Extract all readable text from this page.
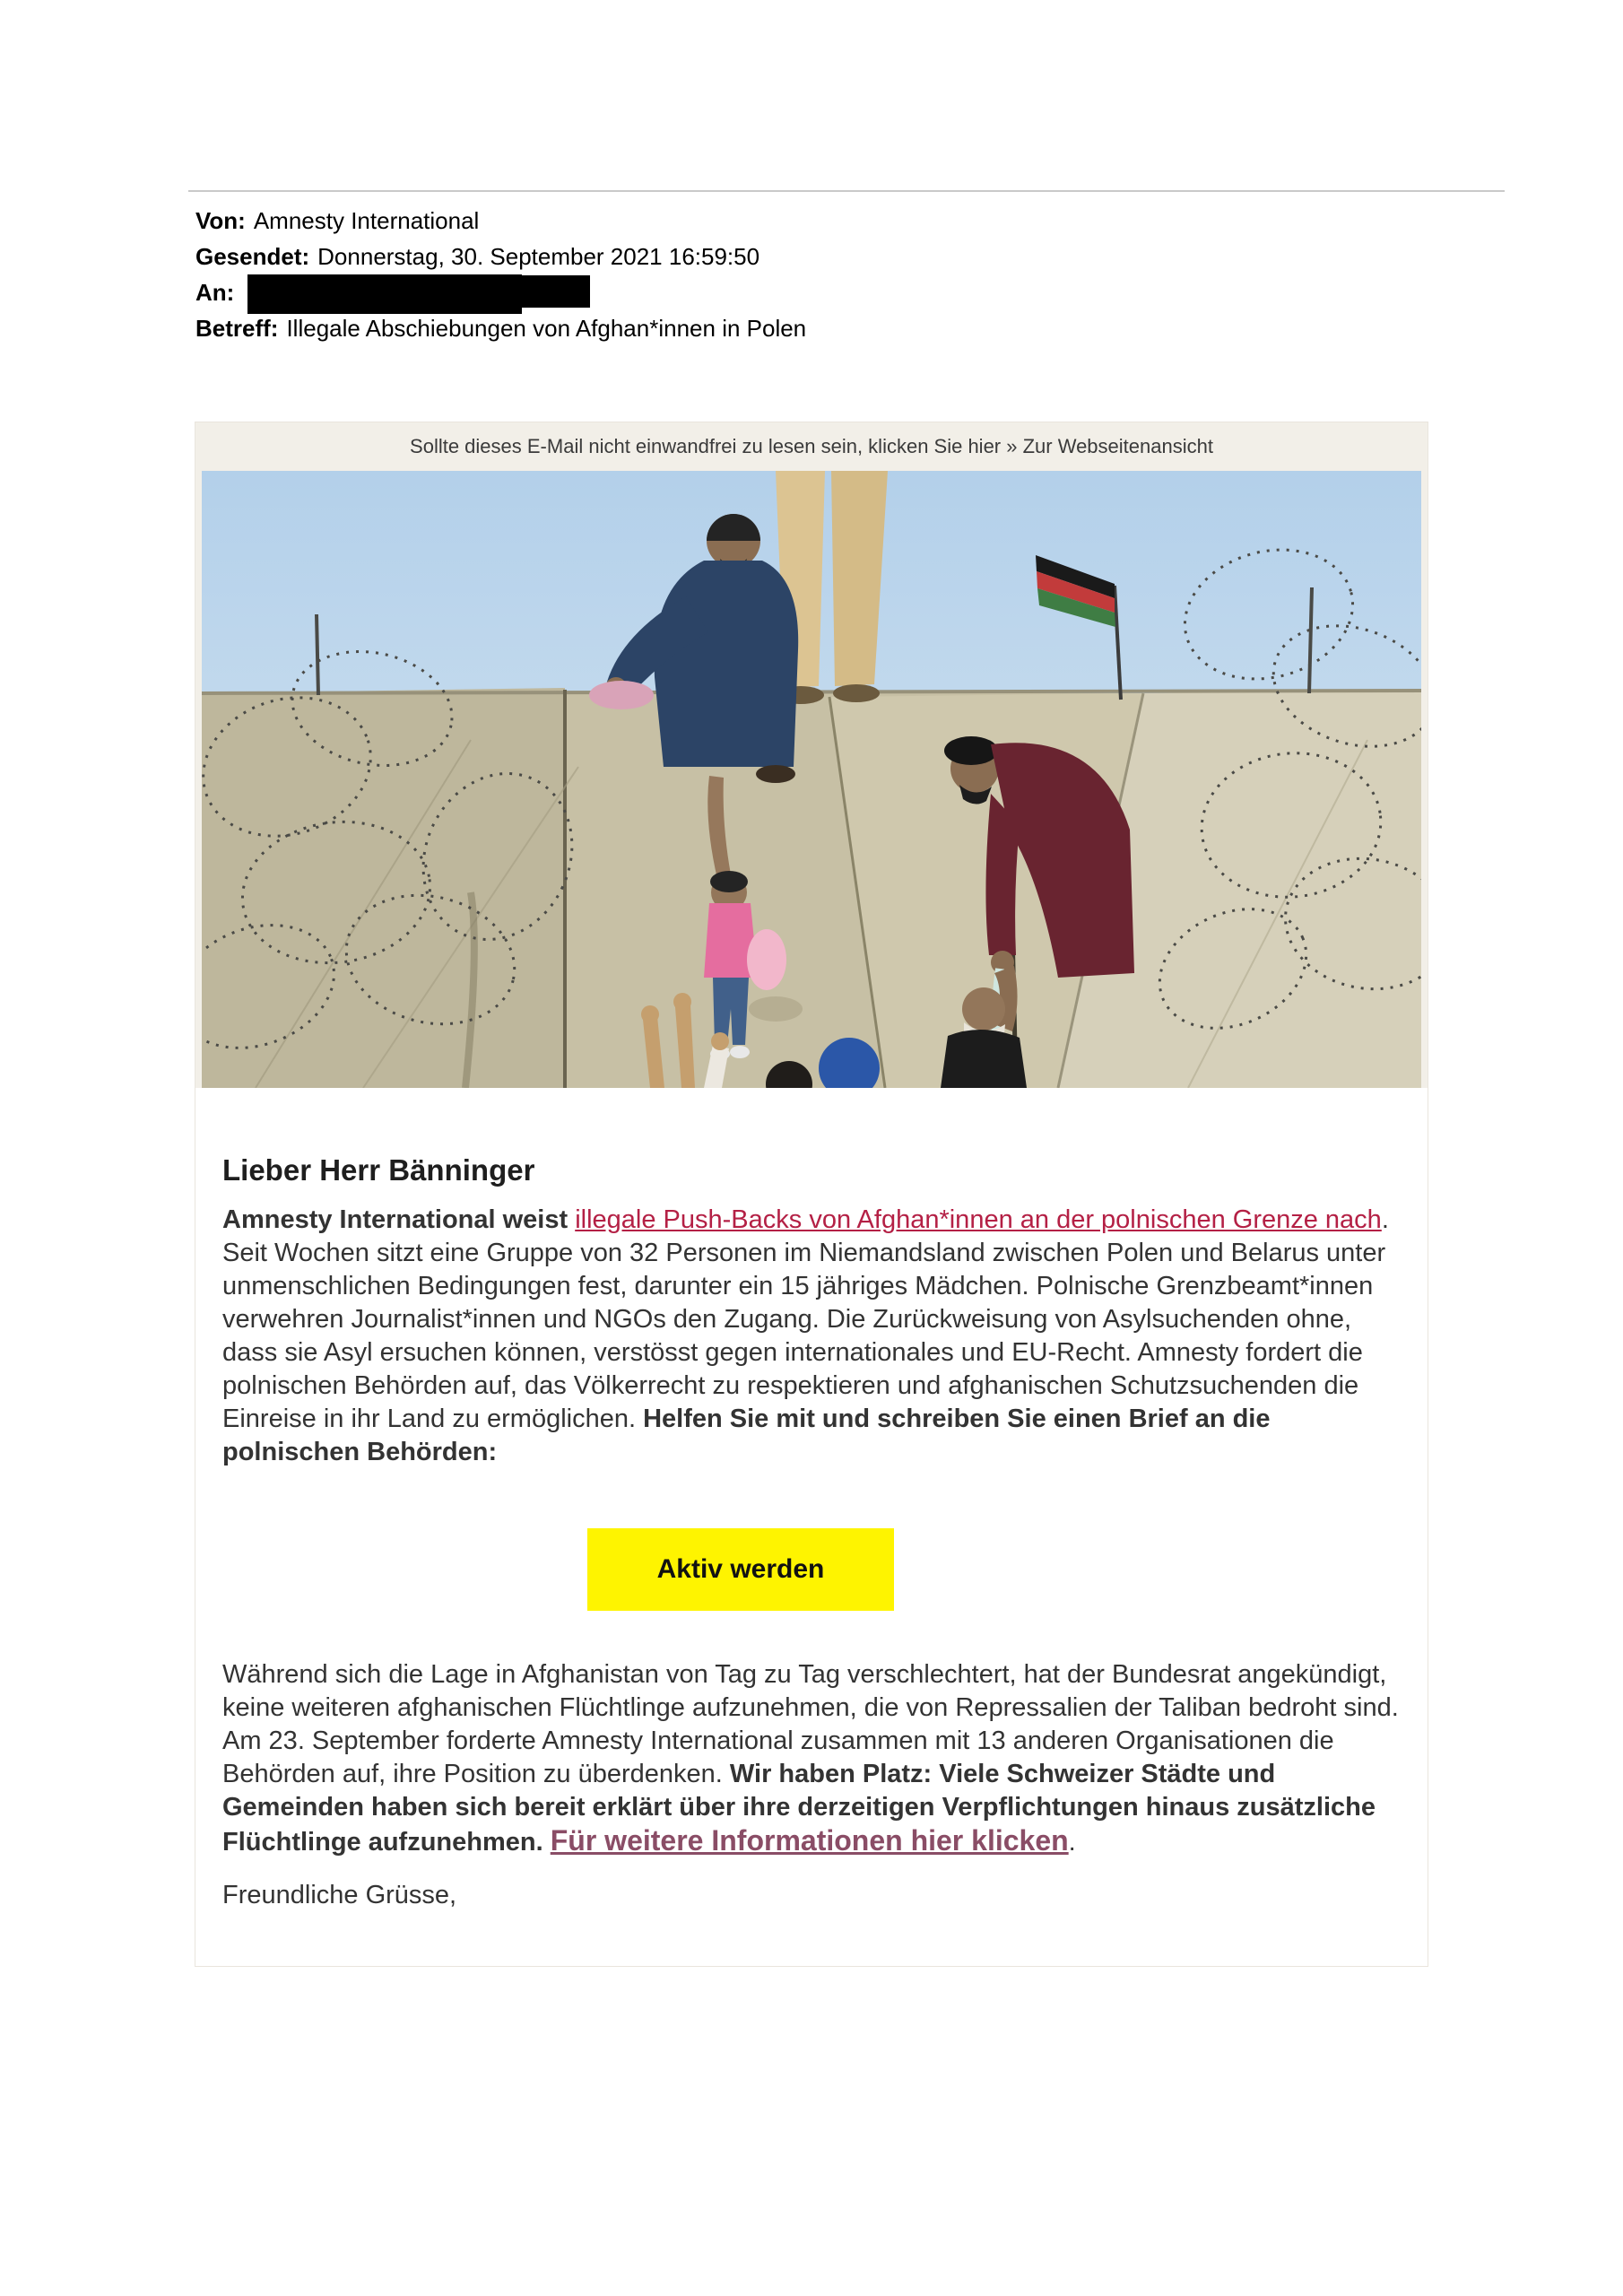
Von: Amnesty International
Gesendet: Donnerstag, 30. September 2021 16:59:50
An:
Betreff: Illegale Abschiebungen von Afghan*innen in Polen
Sollte dieses E-Mail nicht einwandfrei zu lesen sein, klicken Sie hier » Zur Webseitenansicht
Lieber Herr Bänninger

Amnesty International weist illegale Push-Backs von Afghan*innen an der polnischen Grenze nach. Seit Wochen sitzt eine Gruppe von 32 Personen im Niemandsland zwischen Polen und Belarus unter unmenschlichen Bedingungen fest, darunter ein 15 jähriges Mädchen. Polnische Grenzbeamt*innen verwehren Journalist*innen und NGOs den Zugang. Die Zurückweisung von Asylsuchenden ohne, dass sie Asyl ersuchen können, verstösst gegen internationales und EU-Recht. Amnesty fordert die polnischen Behörden auf, das Völkerrecht zu respektieren und afghanischen Schutzsuchenden die Einreise in ihr Land zu ermöglichen. Helfen Sie mit und schreiben Sie einen Brief an die polnischen Behörden:

Aktiv werden

Während sich die Lage in Afghanistan von Tag zu Tag verschlechtert, hat der Bundesrat angekündigt, keine weiteren afghanischen Flüchtlinge aufzunehmen, die von Repressalien der Taliban bedroht sind. Am 23. September forderte Amnesty International zusammen mit 13 anderen Organisationen die Behörden auf, ihre Position zu überdenken. Wir haben Platz: Viele Schweizer Städte und Gemeinden haben sich bereit erklärt über ihre derzeitigen Verpflichtungen hinaus zusätzliche Flüchtlinge aufzunehmen. Für weitere Informationen hier klicken.

Freundliche Grüsse,
